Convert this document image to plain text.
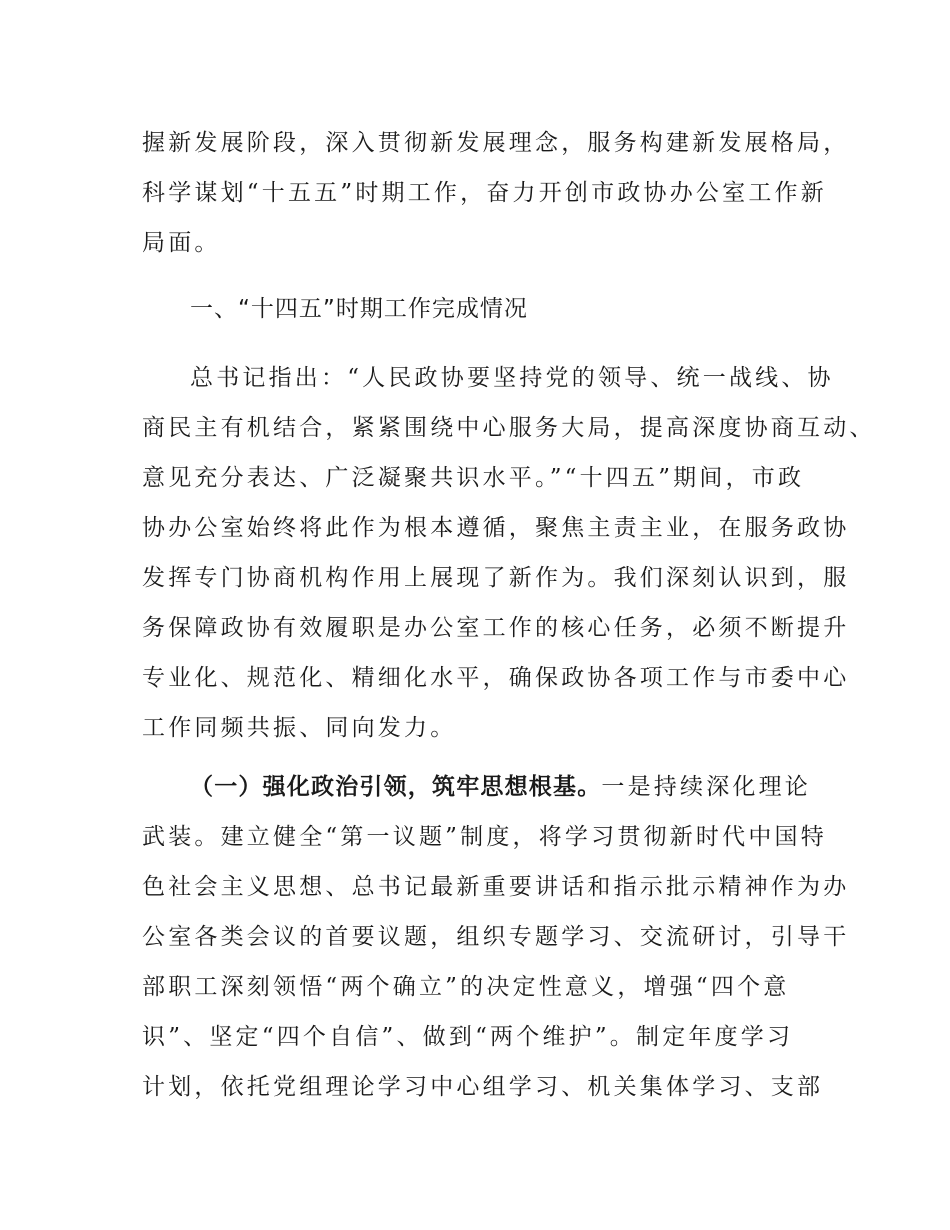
握新发展阶段，深入贯彻新发展理念，服务构建新发展格局，
科学谋划“十五五”时期工作，奋力开创市政协办公室工作新
局面。
一、“十四五”时期工作完成情况
总书记指出：“人民政协要坚持党的领导、统一战线、协
商民主有机结合，紧紧围绕中心服务大局，提高深度协商互动、
意见充分表达、广泛凝聚共识水平。”“十四五”期间，市政
协办公室始终将此作为根本遵循，聚焦主责主业，在服务政协
发挥专门协商机构作用上展现了新作为。我们深刻认识到，服
务保障政协有效履职是办公室工作的核心任务，必须不断提升
专业化、规范化、精细化水平，确保政协各项工作与市委中心
工作同频共振、同向发力。
（一）强化政治引领，筑牢思想根基。一是持续深化理论
武装。建立健全“第一议题”制度，将学习贯彻新时代中国特
色社会主义思想、总书记最新重要讲话和指示批示精神作为办
公室各类会议的首要议题，组织专题学习、交流研讨，引导干
部职工深刻领悟“两个确立”的决定性意义，增强“四个意
识”、坚定“四个自信”、做到“两个维护”。制定年度学习
计划，依托党组理论学习中心组学习、机关集体学习、支部
